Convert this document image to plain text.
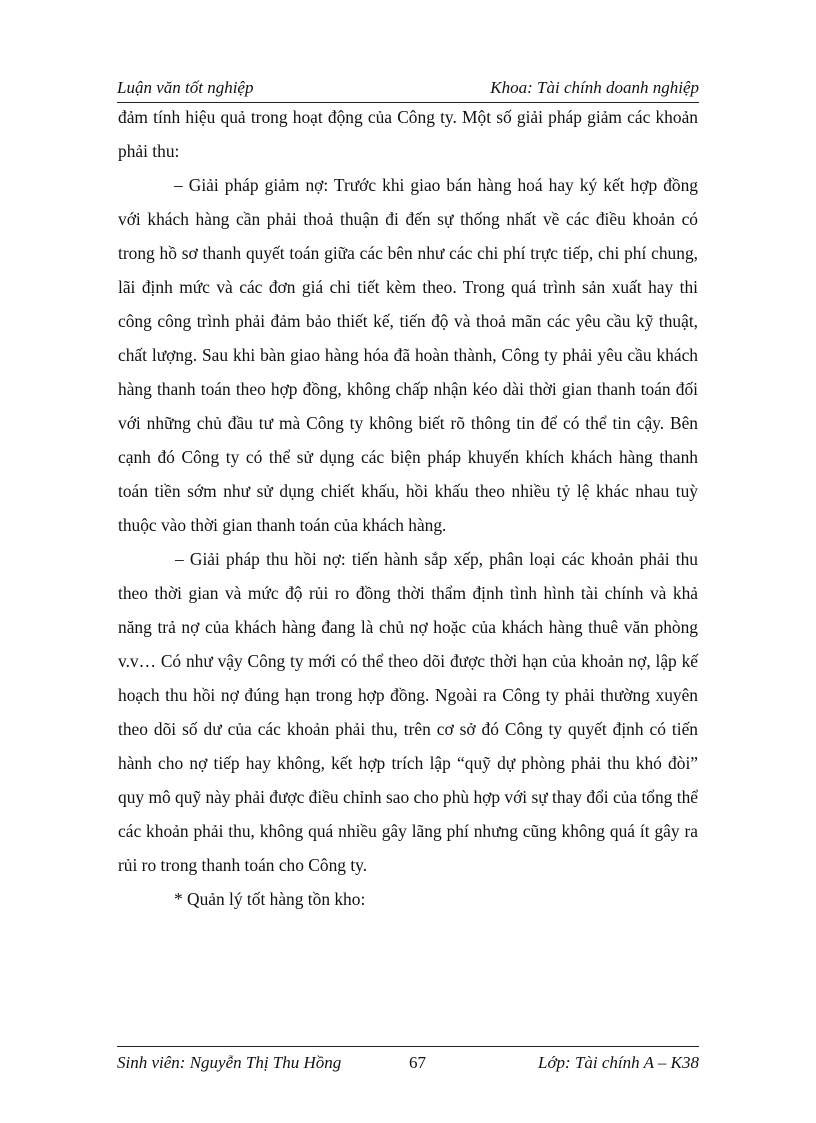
Luận văn tốt nghiệp	Khoa: Tài chính doanh nghiệp

đảm tính hiệu quả trong hoạt động của Công ty. Một số giải pháp giảm các khoản phải thu:

– Giải pháp giảm nợ: Trước khi giao bán hàng hoá hay ký kết hợp đồng với khách hàng cần phải thoả thuận đi đến sự thống nhất về các điều khoản có trong hồ sơ thanh quyết toán giữa các bên như các chi phí trực tiếp, chi phí chung, lãi định mức và các đơn giá chi tiết kèm theo. Trong quá trình sản xuất hay thi công công trình phải đảm bảo thiết kế, tiến độ và thoả mãn các yêu cầu kỹ thuật, chất lượng. Sau khi bàn giao hàng hóa đã hoàn thành, Công ty phải yêu cầu khách hàng thanh toán theo hợp đồng, không chấp nhận kéo dài thời gian thanh toán đối với những chủ đầu tư mà Công ty không biết rõ thông tin để có thể tin cậy. Bên cạnh đó Công ty có thể sử dụng các biện pháp khuyến khích khách hàng thanh toán tiền sớm như sử dụng chiết khấu, hồi khấu theo nhiều tỷ lệ khác nhau tuỳ thuộc vào thời gian thanh toán của khách hàng.

– Giải pháp thu hồi nợ: tiến hành sắp xếp, phân loại các khoản phải thu theo thời gian và mức độ rủi ro đồng thời thẩm định tình hình tài chính và khả năng trả nợ của khách hàng đang là chủ nợ hoặc của khách hàng thuê văn phòng v.v… Có như vậy Công ty mới có thể theo dõi được thời hạn của khoản nợ, lập kế hoạch thu hồi nợ đúng hạn trong hợp đồng. Ngoài ra Công ty phải thường xuyên theo dõi số dư của các khoản phải thu, trên cơ sở đó Công ty quyết định có tiến hành cho nợ tiếp hay không, kết hợp trích lập “quỹ dự phòng phải thu khó đòi” quy mô quỹ này phải được điều chỉnh sao cho phù hợp với sự thay đổi của tổng thể các khoản phải thu, không quá nhiều gây lãng phí nhưng cũng không quá ít gây ra rủi ro trong thanh toán cho Công ty.

* Quản lý tốt hàng tồn kho:

Sinh viên: Nguyễn Thị Thu Hồng	67	Lớp: Tài chính A – K38
